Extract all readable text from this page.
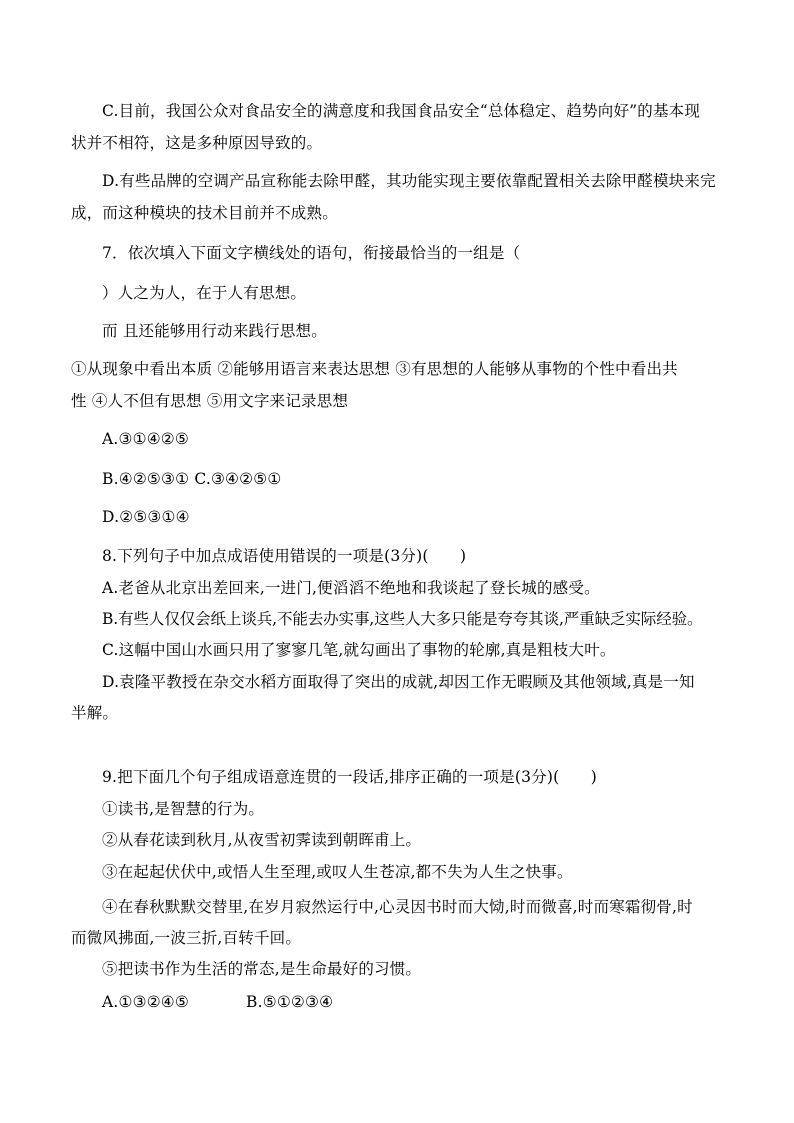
C.目前，我国公众对食品安全的满意度和我国食品安全“总体稳定、趋势向好”的基本现
状并不相符，这是多种原因导致的。
D.有些品牌的空调产品宣称能去除甲醛，其功能实现主要依靠配置相关去除甲醛模块来完
成，而这种模块的技术目前并不成熟。
7．依次填入下面文字横线处的语句，衔接最恰当的一组是（
）人之为人，在于人有思想。
而 且还能够用行动来践行思想。
①从现象中看出本质 ②能够用语言来表达思想 ③有思想的人能够从事物的个性中看出共
性 ④人不但有思想 ⑤用文字来记录思想
A.③①④②⑤
B.④②⑤③① C.③④②⑤①
D.②⑤③①④
8.下列句子中加点成语使用错误的一项是(3分)(　　)
A.老爸从北京出差回来,一进门,便滔滔不绝地和我谈起了登长城的感受。
B.有些人仅仅会纸上谈兵,不能去办实事,这些人大多只能是夸夸其谈,严重缺乏实际经验。
C.这幅中国山水画只用了寥寥几笔,就勾画出了事物的轮廓,真是粗枝大叶。
D.袁隆平教授在杂交水稻方面取得了突出的成就,却因工作无暇顾及其他领域,真是一知
半解。
9.把下面几个句子组成语意连贯的一段话,排序正确的一项是(3分)(　　)
①读书,是智慧的行为。
②从春花读到秋月,从夜雪初霁读到朝晖甫上。
③在起起伏伏中,或悟人生至理,或叹人生苍凉,都不失为人生之快事。
④在春秋默默交替里,在岁月寂然运行中,心灵因书时而大恸,时而微喜,时而寒霜彻骨,时
而微风拂面,一波三折,百转千回。
⑤把读书作为生活的常态,是生命最好的习惯。
A.①③②④⑤	B.⑤①②③④
